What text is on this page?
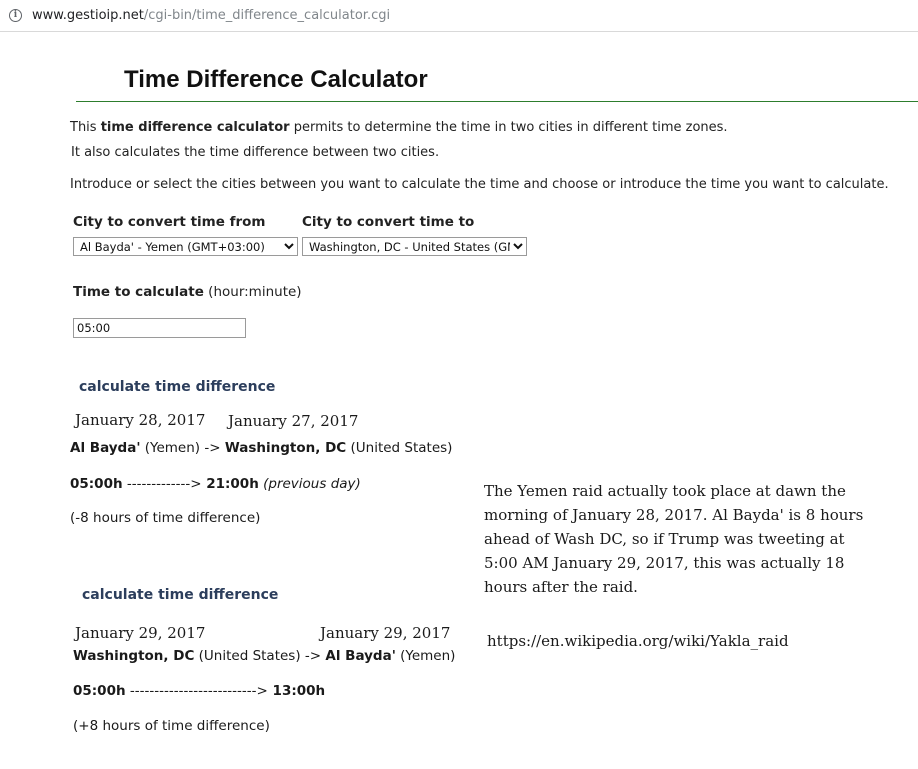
i	www.gestioip.net/cgi-bin/time_difference_calculator.cgi
Time Difference Calculator
This time difference calculator permits to determine the time in two cities in different time zones.
It also calculates the time difference between two cities.
Introduce or select the cities between you want to calculate the time and choose or introduce the time you want to calculate.
City to convert time from	City to convert time to
Al Bayda' - Yemen (GMT+03:00)
Washington, DC - United States (GMT-05:00)
Time to calculate (hour:minute)
05:00
calculate time difference
January 28, 2017 January 27, 2017
Al Bayda' (Yemen) -> Washington, DC (United States)
05:00h -------------> 21:00h (previous day)
(-8 hours of time difference)
calculate time difference
January 29, 2017	January 29, 2017
Washington, DC (United States) -> Al Bayda' (Yemen)
05:00h --------------------------> 13:00h
(+8 hours of time difference)
The Yemen raid actually took place at dawn the morning of January 28, 2017. Al Bayda' is 8 hours ahead of Wash DC, so if Trump was tweeting at 5:00 AM January 29, 2017, this was actually 18 hours after the raid.
https://en.wikipedia.org/wiki/Yakla_raid
